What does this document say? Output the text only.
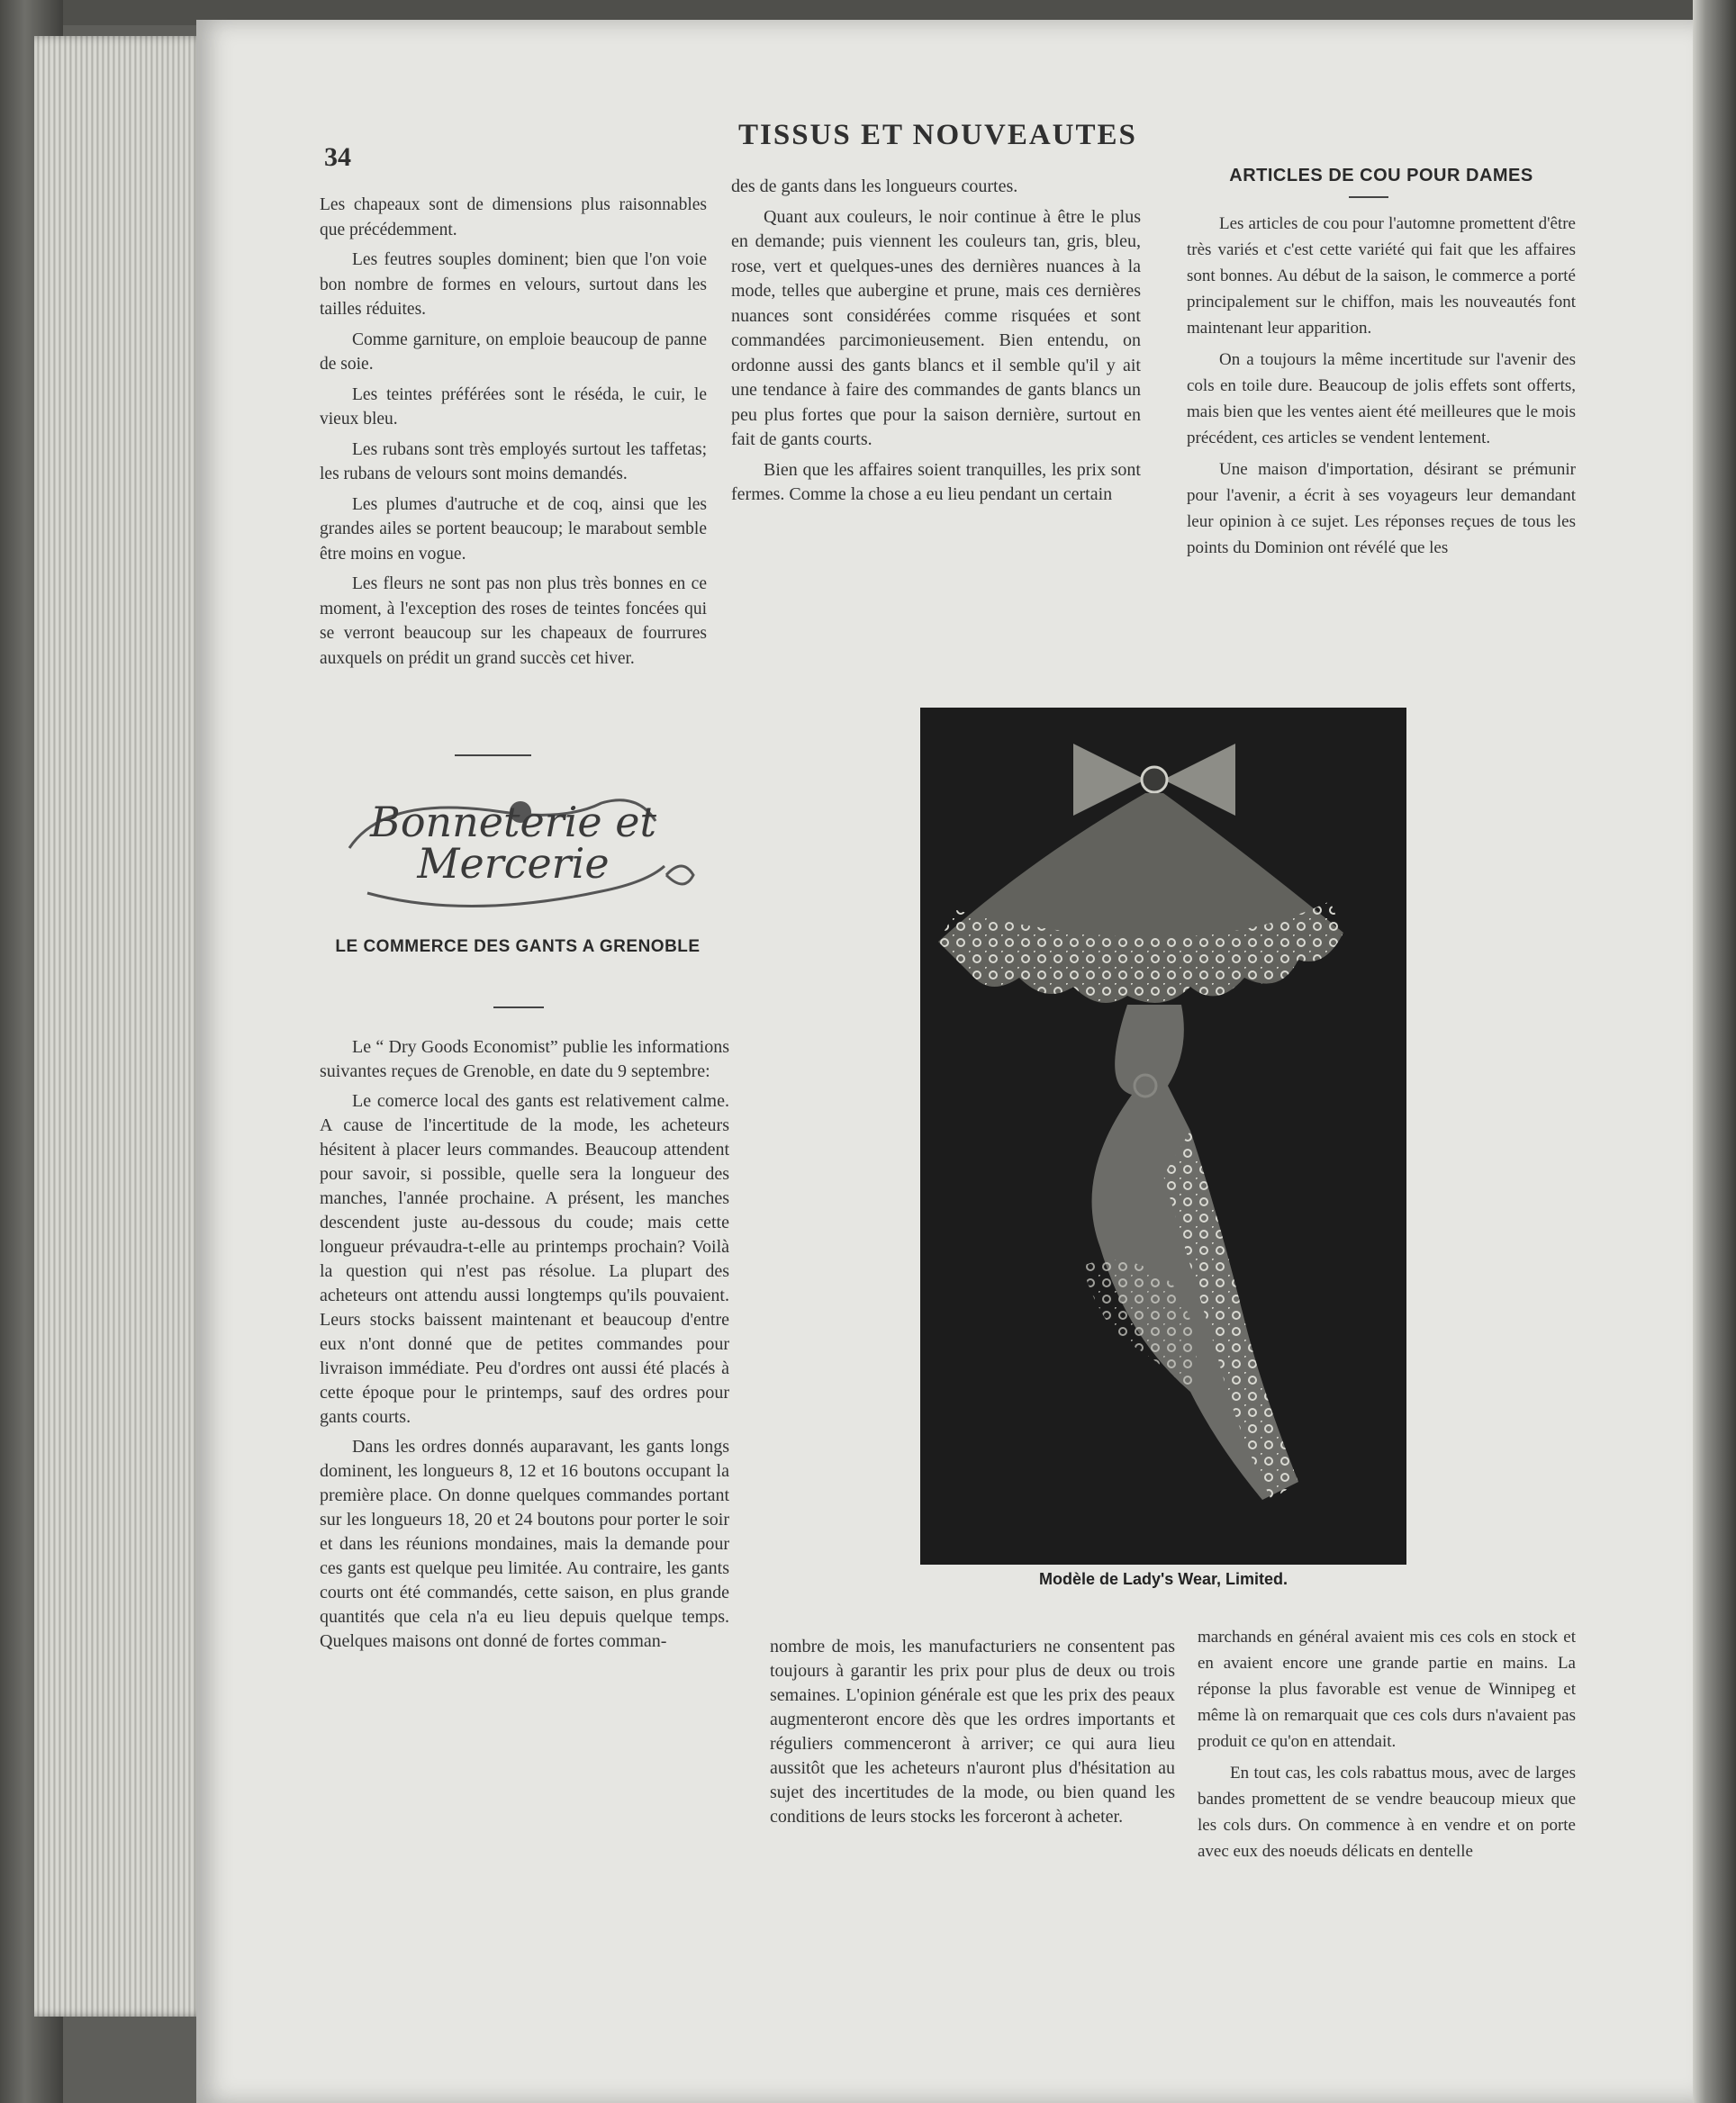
34
TISSUS ET NOUVEAUTES

Les chapeaux sont de dimensions plus raisonnables que précédemment.

Les feutres souples dominent; bien que l'on voie bon nombre de formes en velours, surtout dans les tailles réduites.

Comme garniture, on emploie beaucoup de panne de soie.

Les teintes préférées sont le réséda, le cuir, le vieux bleu.

Les rubans sont très employés surtout les taffetas; les rubans de velours sont moins demandés.

Les plumes d'autruche et de coq, ainsi que les grandes ailes se portent beaucoup; le marabout semble être moins en vogue.

Les fleurs ne sont pas non plus très bonnes en ce moment, à l'exception des roses de teintes foncées qui se verront beaucoup sur les chapeaux de fourrures auxquels on prédit un grand succès cet hiver.

Bonneterie et Mercerie
LE COMMERCE DES GANTS A GRENOBLE

Le “ Dry Goods Economist” publie les informations suivantes reçues de Grenoble, en date du 9 septembre:

Le comerce local des gants est relativement calme. A cause de l'incertitude de la mode, les acheteurs hésitent à placer leurs commandes. Beaucoup attendent pour savoir, si possible, quelle sera la longueur des manches, l'année prochaine. A présent, les manches descendent juste au-dessous du coude; mais cette longueur prévaudra-t-elle au printemps prochain? Voilà la question qui n'est pas résolue. La plupart des acheteurs ont attendu aussi longtemps qu'ils pouvaient. Leurs stocks baissent maintenant et beaucoup d'entre eux n'ont donné que de petites commandes pour livraison immédiate. Peu d'ordres ont aussi été placés à cette époque pour le printemps, sauf des ordres pour gants courts.

Dans les ordres donnés auparavant, les gants longs dominent, les longueurs 8, 12 et 16 boutons occupant la première place. On donne quelques commandes portant sur les longueurs 18, 20 et 24 boutons pour porter le soir et dans les réunions mondaines, mais la demande pour ces gants est quelque peu limitée. Au contraire, les gants courts ont été commandés, cette saison, en plus grande quantités que cela n'a eu lieu depuis quelque temps. Quelques maisons ont donné de fortes comman-

des de gants dans les longueurs courtes.

Quant aux couleurs, le noir continue à être le plus en demande; puis viennent les couleurs tan, gris, bleu, rose, vert et quelques-unes des dernières nuances à la mode, telles que aubergine et prune, mais ces dernières nuances sont considérées comme risquées et sont commandées parcimonieusement. Bien entendu, on ordonne aussi des gants blancs et il semble qu'il y ait une tendance à faire des commandes de gants blancs un peu plus fortes que pour la saison dernière, surtout en fait de gants courts.

Bien que les affaires soient tranquilles, les prix sont fermes. Comme la chose a eu lieu pendant un certain

nombre de mois, les manufacturiers ne consentent pas toujours à garantir les prix pour plus de deux ou trois semaines. L'opinion générale est que les prix des peaux augmenteront encore dès que les ordres importants et réguliers commenceront à arriver; ce qui aura lieu aussitôt que les acheteurs n'auront plus d'hésitation au sujet des incertitudes de la mode, ou bien quand les conditions de leurs stocks les forceront à acheter.

ARTICLES DE COU POUR DAMES

Les articles de cou pour l'automne promettent d'être très variés et c'est cette variété qui fait que les affaires sont bonnes. Au début de la saison, le commerce a porté principalement sur le chiffon, mais les nouveautés font maintenant leur apparition.

On a toujours la même incertitude sur l'avenir des cols en toile dure. Beaucoup de jolis effets sont offerts, mais bien que les ventes aient été meilleures que le mois précédent, ces articles se vendent lentement.

Une maison d'importation, désirant se prémunir pour l'avenir, a écrit à ses voyageurs leur demandant leur opinion à ce sujet. Les réponses reçues de tous les points du Dominion ont révélé que les

marchands en général avaient mis ces cols en stock et en avaient encore une grande partie en mains. La réponse la plus favorable est venue de Winnipeg et même là on remarquait que ces cols durs n'avaient pas produit ce qu'on en attendait.

En tout cas, les cols rabattus mous, avec de larges bandes promettent de se vendre beaucoup mieux que les cols durs. On commence à en vendre et on porte avec eux des noeuds délicats en dentelle

Modèle de Lady's Wear, Limited.
